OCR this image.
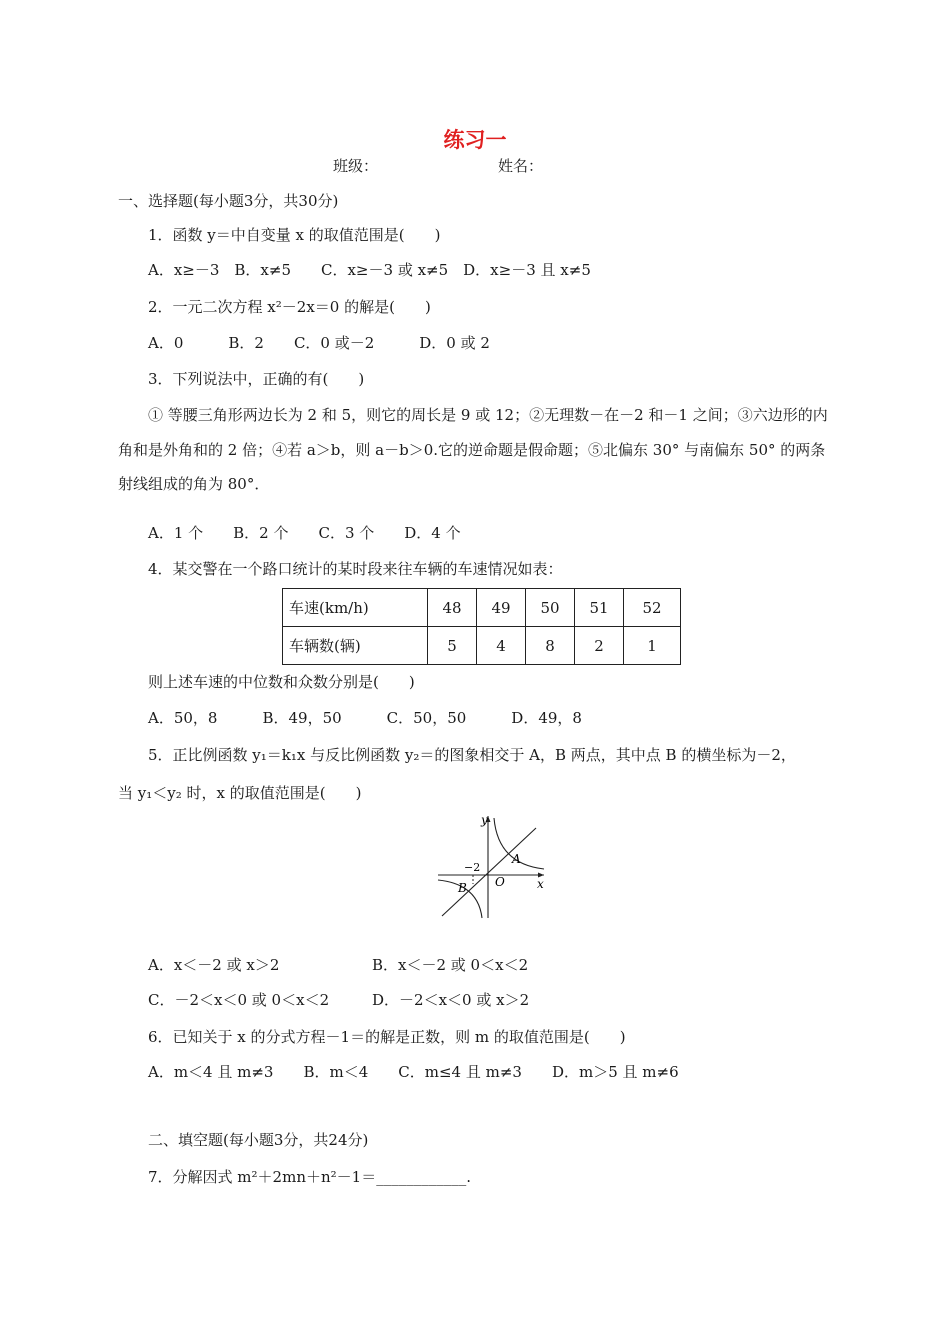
练习一
班级：	姓名：
一、选择题(每小题3分，共30分)
1．函数 y＝中自变量 x 的取值范围是(　　)
A．x≥－3　B．x≠5　　C．x≥－3 或 x≠5　D．x≥－3 且 x≠5
2．一元二次方程 x²－2x＝0 的解是(　　)
A．0　　　B．2　　C．0 或－2　　　D．0 或 2
3．下列说法中，正确的有(　　)
① 等腰三角形两边长为 2 和 5，则它的周长是 9 或 12；②无理数－在－2 和－1 之间；③六边形的内角和是外角和的 2 倍；④若 a＞b，则 a－b＞0.它的逆命题是假命题；⑤北偏东 30° 与南偏东 50° 的两条射线组成的角为 80°．
A．1 个　　B．2 个　　C．3 个　　D．4 个
4．某交警在一个路口统计的某时段来往车辆的车速情况如表：
车速(km/h)	48	49	50	51	52
车辆数(辆)	5	4	8	2	1
则上述车速的中位数和众数分别是(　　)
A．50，8　　　B．49，50　　　C．50，50　　　D．49，8
5．正比例函数 y₁＝k₁x 与反比例函数 y₂＝的图象相交于 A，B 两点，其中点 B 的横坐标为－2，
当 y₁＜y₂ 时，x 的取值范围是(　　)
y
x
O
A
B
−2
A．x＜－2 或 x＞2	B．x＜－2 或 0＜x＜2
C．－2＜x＜0 或 0＜x＜2	D．－2＜x＜0 或 x＞2
6．已知关于 x 的分式方程－1＝的解是正数，则 m 的取值范围是(　　)
A．m＜4 且 m≠3　　B．m＜4　　C．m≤4 且 m≠3　　D．m＞5 且 m≠6
二、填空题(每小题3分，共24分)
7．分解因式 m²＋2mn＋n²－1＝____________.
